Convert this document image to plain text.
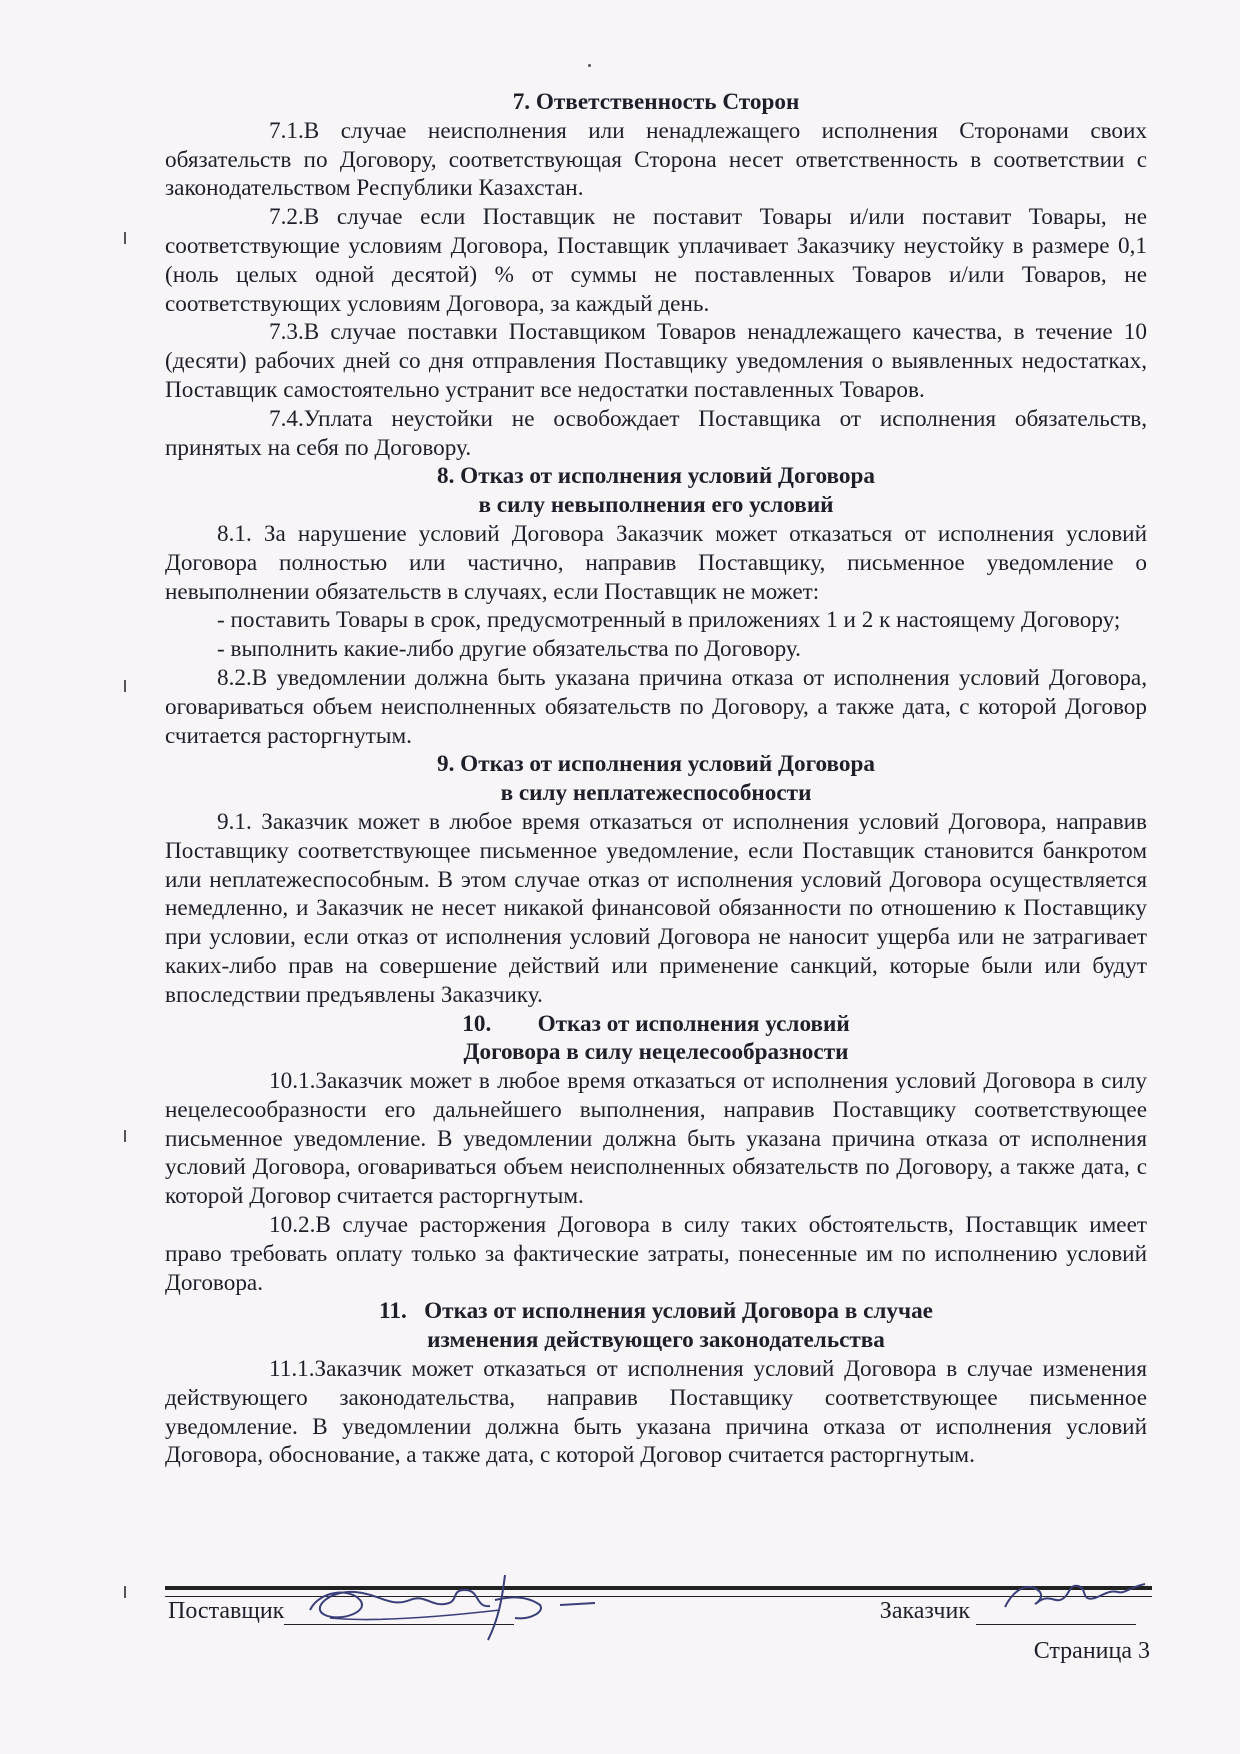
7. Ответственность Сторон

7.1.В случае неисполнения или ненадлежащего исполнения Сторонами своих обязательств по Договору, соответствующая Сторона несет ответственность в соответствии с законодательством Республики Казахстан.

7.2.В случае если Поставщик не поставит Товары и/или поставит Товары, не соответствующие условиям Договора, Поставщик уплачивает Заказчику неустойку в размере 0,1 (ноль целых одной десятой) % от суммы не поставленных Товаров и/или Товаров, не соответствующих условиям Договора, за каждый день.

7.3.В случае поставки Поставщиком Товаров ненадлежащего качества, в течение 10 (десяти) рабочих дней со дня отправления Поставщику уведомления о выявленных недостатках, Поставщик самостоятельно устранит все недостатки поставленных Товаров.

7.4.Уплата неустойки не освобождает Поставщика от исполнения обязательств, принятых на себя по Договору.

8. Отказ от исполнения условий Договора

в силу невыполнения его условий

8.1. За нарушение условий Договора Заказчик может отказаться от исполнения условий Договора полностью или частично, направив Поставщику, письменное уведомление о невыполнении обязательств в случаях, если Поставщик не может:

- поставить Товары в срок, предусмотренный в приложениях 1 и 2 к настоящему Договору;

- выполнить какие-либо другие обязательства по Договору.

8.2.В уведомлении должна быть указана причина отказа от исполнения условий Договора, оговариваться объем неисполненных обязательств по Договору, а также дата, с которой Договор считается расторгнутым.

9. Отказ от исполнения условий Договора

в силу неплатежеспособности

9.1. Заказчик может в любое время отказаться от исполнения условий Договора, направив Поставщику соответствующее письменное уведомление, если Поставщик становится банкротом или неплатежеспособным. В этом случае отказ от исполнения условий Договора осуществляется немедленно, и Заказчик не несет никакой финансовой обязанности по отношению к Поставщику при условии, если отказ от исполнения условий Договора не наносит ущерба или не затрагивает каких-либо прав на совершение действий или применение санкций, которые были или будут впоследствии предъявлены Заказчику.

10.        Отказ от исполнения условий

Договора в силу нецелесообразности

10.1.Заказчик может в любое время отказаться от исполнения условий Договора в силу нецелесообразности его дальнейшего выполнения, направив Поставщику соответствующее письменное уведомление. В уведомлении должна быть указана причина отказа от исполнения условий Договора, оговариваться объем неисполненных обязательств по Договору, а также дата, с которой Договор считается расторгнутым.

10.2.В случае расторжения Договора в силу таких обстоятельств, Поставщик имеет право требовать оплату только за фактические затраты, понесенные им по исполнению условий Договора.

11.   Отказ от исполнения условий Договора в случае

изменения действующего законодательства

11.1.Заказчик может отказаться от исполнения условий Договора в случае изменения действующего законодательства, направив Поставщику соответствующее письменное уведомление. В уведомлении должна быть указана причина отказа от исполнения условий Договора, обоснование, а также дата, с которой Договор считается расторгнутым.

Поставщик	Заказчик
Страница 3
